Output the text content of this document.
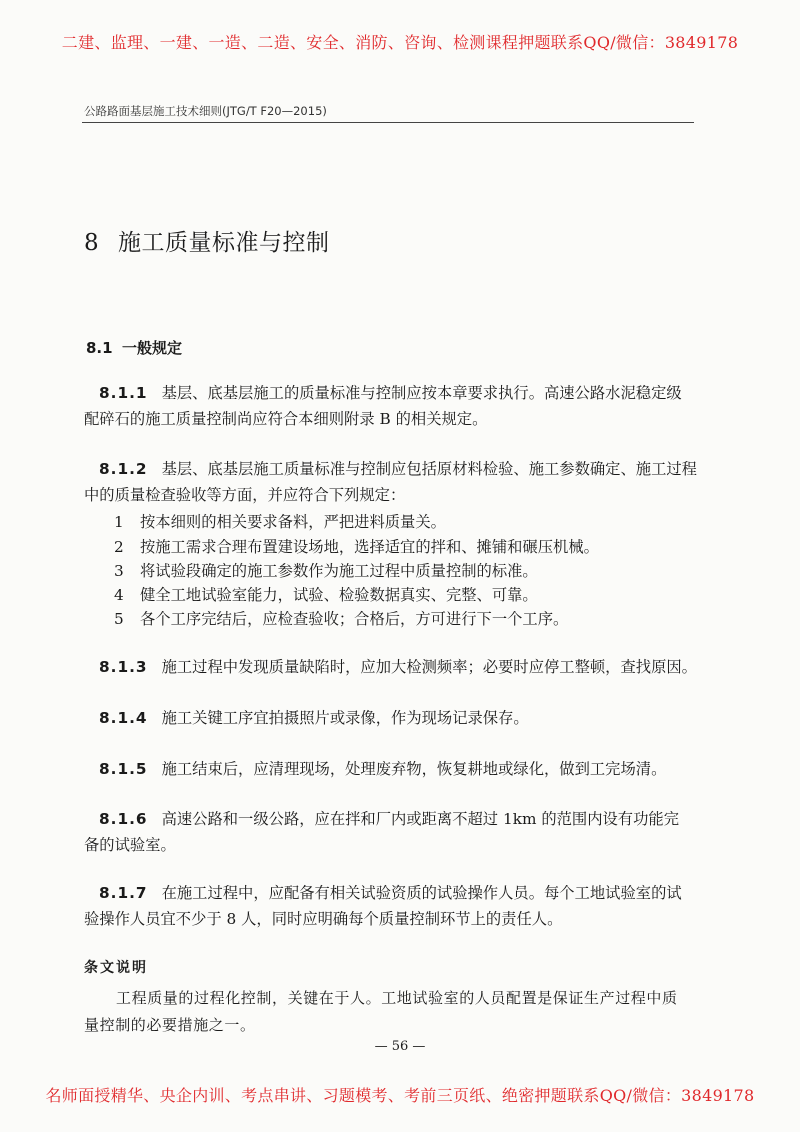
二建、监理、一建、一造、二造、安全、消防、咨询、检测课程押题联系QQ/微信：3849178
公路路面基层施工技术细则(JTG/T F20—2015)
8 施工质量标准与控制
8.1 一般规定
8.1.1 基层、底基层施工的质量标准与控制应按本章要求执行。高速公路水泥稳定级
配碎石的施工质量控制尚应符合本细则附录 B 的相关规定。
8.1.2 基层、底基层施工质量标准与控制应包括原材料检验、施工参数确定、施工过程
中的质量检查验收等方面，并应符合下列规定：
1 按本细则的相关要求备料，严把进料质量关。
2 按施工需求合理布置建设场地，选择适宜的拌和、摊铺和碾压机械。
3 将试验段确定的施工参数作为施工过程中质量控制的标准。
4 健全工地试验室能力，试验、检验数据真实、完整、可靠。
5 各个工序完结后，应检查验收；合格后，方可进行下一个工序。
8.1.3 施工过程中发现质量缺陷时，应加大检测频率；必要时应停工整顿，查找原因。
8.1.4 施工关键工序宜拍摄照片或录像，作为现场记录保存。
8.1.5 施工结束后，应清理现场，处理废弃物，恢复耕地或绿化，做到工完场清。
8.1.6 高速公路和一级公路，应在拌和厂内或距离不超过 1km 的范围内设有功能完
备的试验室。
8.1.7 在施工过程中，应配备有相关试验资质的试验操作人员。每个工地试验室的试
验操作人员宜不少于 8 人，同时应明确每个质量控制环节上的责任人。
条文说明
工程质量的过程化控制，关键在于人。工地试验室的人员配置是保证生产过程中质
量控制的必要措施之一。
— 56 —
名师面授精华、央企内训、考点串讲、习题模考、考前三页纸、绝密押题联系QQ/微信：3849178
